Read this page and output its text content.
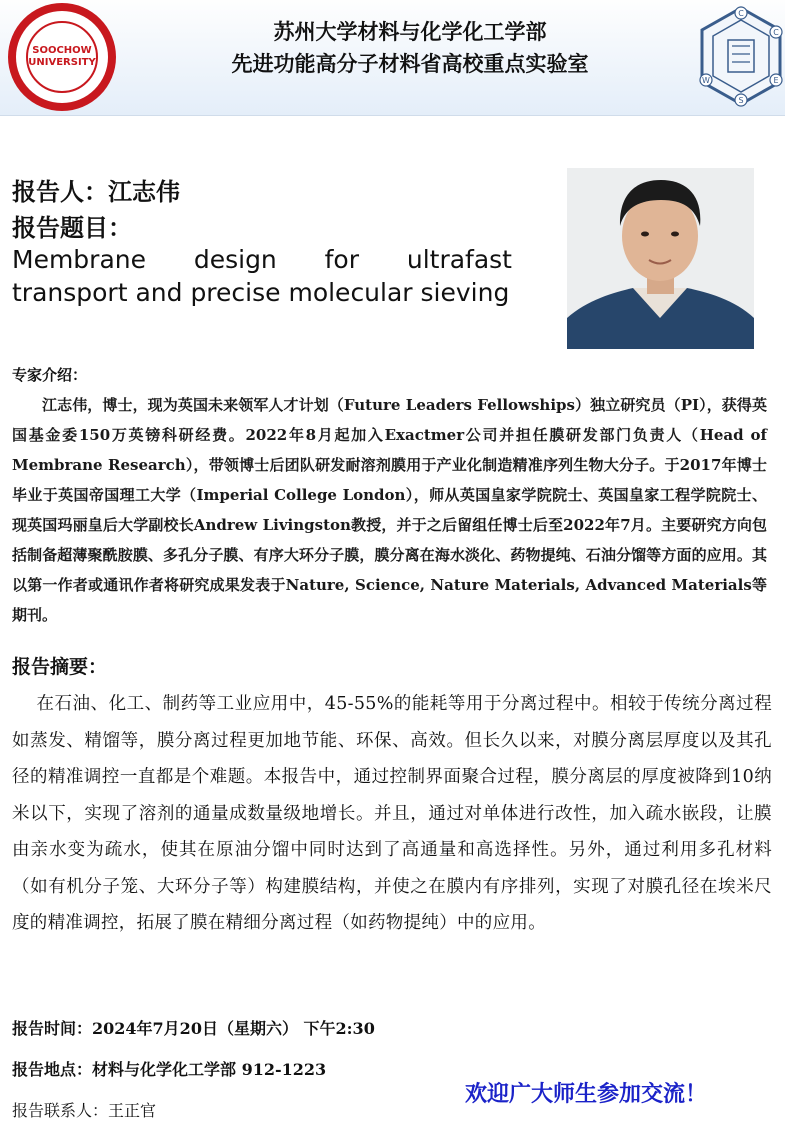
SOOCHOW UNIVERSITY
C
C
E
S
W
苏州大学材料与化学化工学部
先进功能高分子材料省高校重点实验室
报告人：江志伟
报告题目：
Membrane design for ultrafast transport and precise molecular sieving
专家介绍：

江志伟，博士，现为英国未来领军人才计划（Future Leaders Fellowships）独立研究员（PI），获得英国基金委150万英镑科研经费。2022年8月起加入Exactmer公司并担任膜研发部门负责人（Head of Membrane Research），带领博士后团队研发耐溶剂膜用于产业化制造精准序列生物大分子。于2017年博士毕业于英国帝国理工大学（Imperial College London），师从英国皇家学院院士、英国皇家工程学院院士、现英国玛丽皇后大学副校长Andrew Livingston教授，并于之后留组任博士后至2022年7月。主要研究方向包括制备超薄聚酰胺膜、多孔分子膜、有序大环分子膜，膜分离在海水淡化、药物提纯、石油分馏等方面的应用。其以第一作者或通讯作者将研究成果发表于Nature, Science, Nature Materials, Advanced Materials等期刊。

报告摘要：

在石油、化工、制药等工业应用中，45-55%的能耗等用于分离过程中。相较于传统分离过程如蒸发、精馏等，膜分离过程更加地节能、环保、高效。但长久以来，对膜分离层厚度以及其孔径的精准调控一直都是个难题。本报告中，通过控制界面聚合过程，膜分离层的厚度被降到10纳米以下，实现了溶剂的通量成数量级地增长。并且，通过对单体进行改性，加入疏水嵌段，让膜由亲水变为疏水，使其在原油分馏中同时达到了高通量和高选择性。另外，通过利用多孔材料（如有机分子笼、大环分子等）构建膜结构，并使之在膜内有序排列，实现了对膜孔径在埃米尺度的精准调控，拓展了膜在精细分离过程（如药物提纯）中的应用。

报告时间：2024年7月20日（星期六） 下午2:30
报告地点：材料与化学化工学部 912-1223
报告联系人：王正官
欢迎广大师生参加交流！
